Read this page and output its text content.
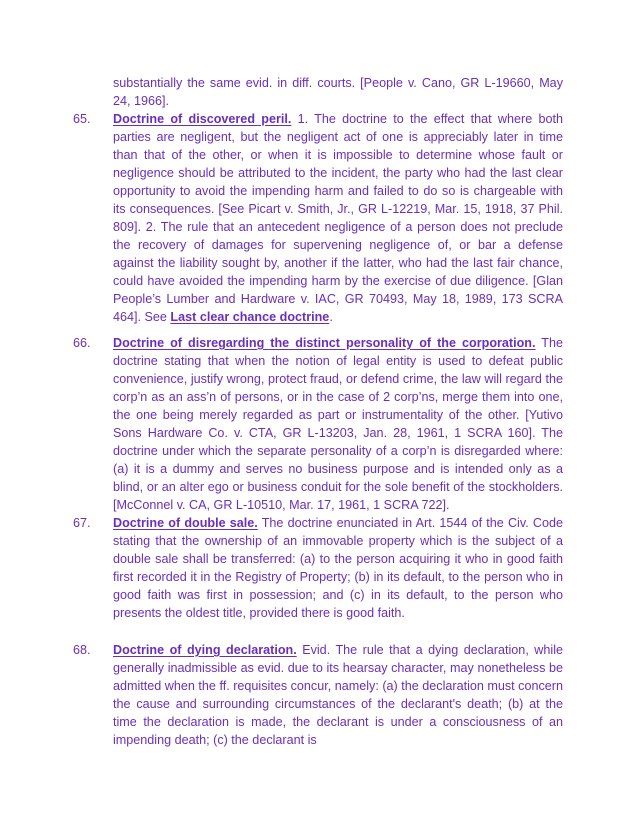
substantially the same evid. in diff. courts. [People v. Cano, GR L-19660, May 24, 1966].
65.	Doctrine of discovered peril. 1. The doctrine to the effect that where both parties are negligent, but the negligent act of one is appreciably later in time than that of the other, or when it is impossible to determine whose fault or negligence should be attributed to the incident, the party who had the last clear opportunity to avoid the impending harm and failed to do so is chargeable with its consequences. [See Picart v. Smith, Jr., GR L-12219, Mar. 15, 1918, 37 Phil. 809]. 2. The rule that an antecedent negligence of a person does not preclude the recovery of damages for supervening negligence of, or bar a defense against the liability sought by, another if the latter, who had the last fair chance, could have avoided the impending harm by the exercise of due diligence. [Glan People’s Lumber and Hardware v. IAC, GR 70493, May 18, 1989, 173 SCRA 464]. See Last clear chance doctrine.
66.	Doctrine of disregarding the distinct personality of the corporation. The doctrine stating that when the notion of legal entity is used to defeat public convenience, justify wrong, protect fraud, or defend crime, the law will regard the corp’n as an ass’n of persons, or in the case of 2 corp’ns, merge them into one, the one being merely regarded as part or instrumentality of the other. [Yutivo Sons Hardware Co. v. CTA, GR L-13203, Jan. 28, 1961, 1 SCRA 160]. The doctrine under which the separate personality of a corp’n is disregarded where: (a) it is a dummy and serves no business purpose and is intended only as a blind, or an alter ego or business conduit for the sole benefit of the stockholders. [McConnel v. CA, GR L-10510, Mar. 17, 1961, 1 SCRA 722].
67.	Doctrine of double sale. The doctrine enunciated in Art. 1544 of the Civ. Code stating that the ownership of an immovable property which is the subject of a double sale shall be transferred: (a) to the person acquiring it who in good faith first recorded it in the Registry of Property; (b) in its default, to the person who in good faith was first in possession; and (c) in its default, to the person who presents the oldest title, provided there is good faith.
68.	Doctrine of dying declaration. Evid. The rule that a dying declaration, while generally inadmissible as evid. due to its hearsay character, may nonetheless be admitted when the ff. requisites concur, namely: (a) the declaration must concern the cause and surrounding circumstances of the declarant's death; (b) at the time the declaration is made, the declarant is under a consciousness of an impending death; (c) the declarant is
